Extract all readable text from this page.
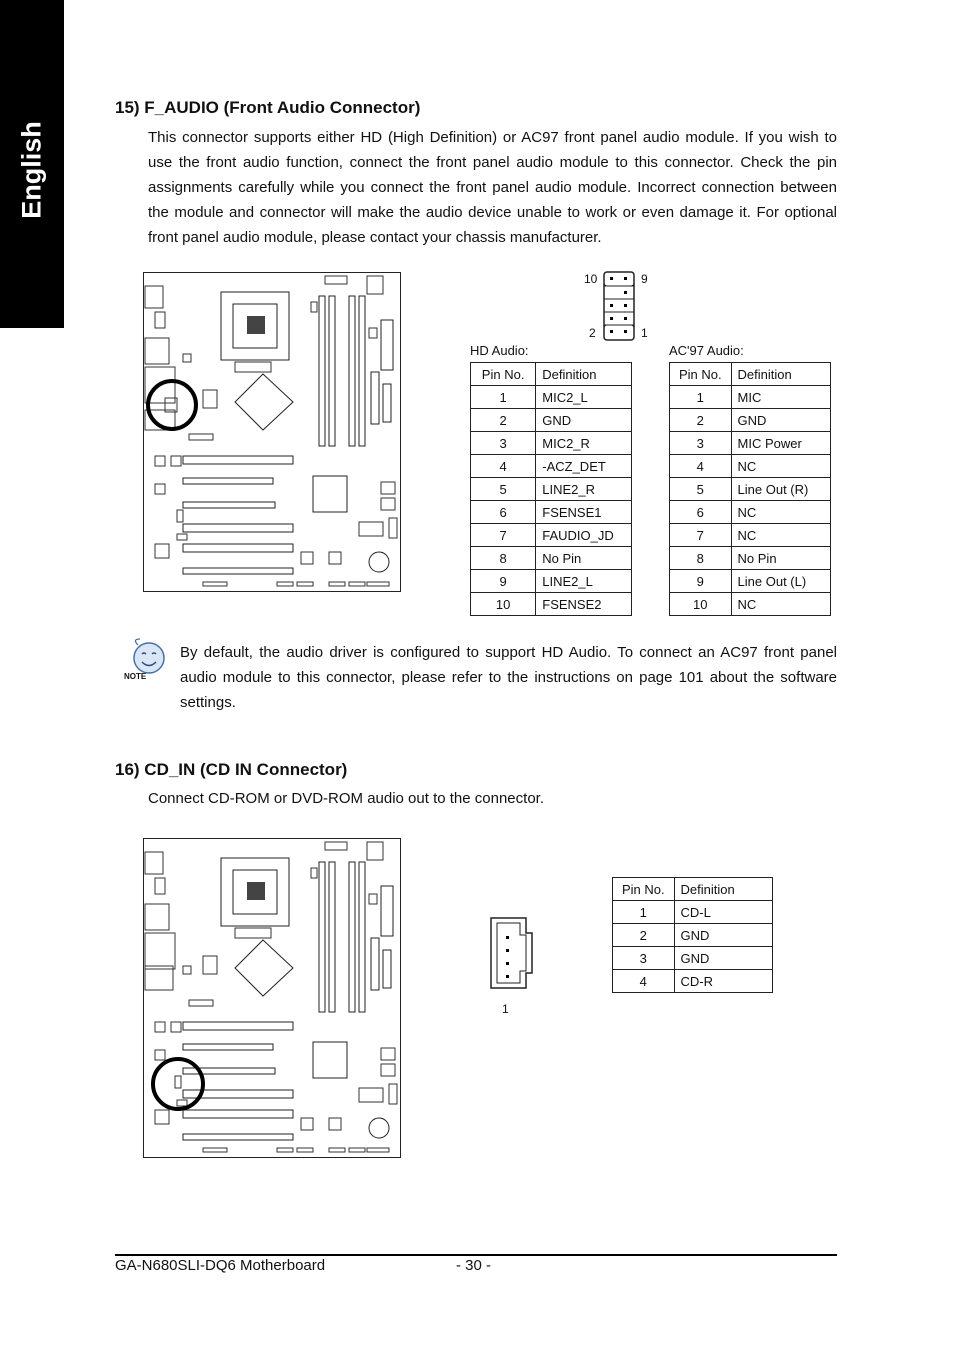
English
15) F_AUDIO (Front Audio Connector)
This connector supports either HD (High Definition) or AC97 front panel audio module. If you wish to use the front audio function, connect the front panel audio module to this connector. Check the pin assignments carefully while you connect the front panel audio module. Incorrect connection between the module and connector will make the audio device unable to work or even damage it. For optional front panel audio module, please contact your chassis manufacturer.
10	9
2	1
HD Audio:	AC'97 Audio:
Pin No.	Definition
1	MIC2_L
2	GND
3	MIC2_R
4	-ACZ_DET
5	LINE2_R
6	FSENSE1
7	FAUDIO_JD
8	No Pin
9	LINE2_L
10	FSENSE2
Pin No.	Definition
1	MIC
2	GND
3	MIC Power
4	NC
5	Line Out (R)
6	NC
7	NC
8	No Pin
9	Line Out (L)
10	NC
NOTE
By default, the audio driver is configured to support HD Audio. To connect an AC97 front panel audio module to this connector, please refer to the instructions on page 101 about the software settings.
16) CD_IN (CD IN Connector)
Connect CD-ROM or DVD-ROM audio out to the connector.
1
Pin No.	Definition
1	CD-L
2	GND
3	GND
4	CD-R
GA-N680SLI-DQ6 Motherboard	- 30 -
